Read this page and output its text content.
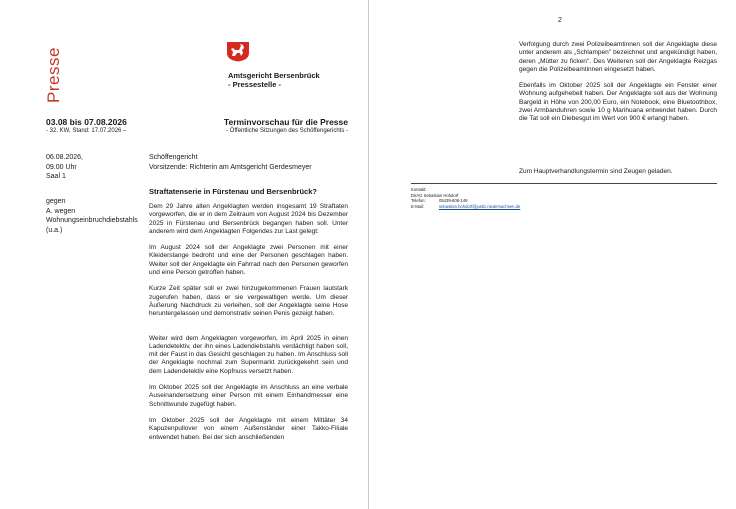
Presse	Amtsgericht Bersenbrück
- Pressestelle -
03.08 bis 07.08.2026
- 32. KW, Stand: 17.07.2026 –
Terminvorschau für die Presse
- Öffentliche Sitzungen des Schöffengerichts -
06.08.2026,
09.00 Uhr
Saal 1
gegen
A. wegen
Wohnungseinbruchdiebstahls
(u.a.)
Schöffengericht
Vorsitzende: Richterin am Amtsgericht Gerdesmeyer
Straftatenserie in Fürstenau und Bersenbrück?

Dem 29 Jahre alten Angeklagten werden insgesamt 19 Straftaten vorgeworfen, die er in dem Zeitraum von August 2024 bis Dezember 2025 in Fürstenau und Bersenbrück begangen haben soll. Unter anderem wird dem Angeklagten Folgendes zur Last gelegt:

Im August 2024 soll der Angeklagte zwei Personen mit einer Kleiderstange bedroht und eine der Personen geschlagen haben. Weiter soll der Angeklagte ein Fahrrad nach den Personen geworfen und eine Person getroffen haben.

Kurze Zeit später soll er zwei hinzugekommenen Frauen lautstark zugerufen haben, dass er sie vergewaltigen werde. Um dieser Äußerung Nachdruck zu verleihen, soll der Angeklagte seine Hose heruntergelassen und demonstrativ seinen Penis gezeigt haben.

Weiter wird dem Angeklagten vorgeworfen, im April 2025 in einen Ladendetektiv, der ihn eines Ladendiebstahls verdächtigt haben soll, mit der Faust in das Gesicht geschlagen zu haben. Im Anschluss soll der Angeklagte nochmal zum Supermarkt zurückgekehrt sein und dem Ladendetektiv eine Kopfnuss versetzt haben.

Im Oktober 2025 soll der Angeklagte im Anschluss an eine verbale Auseinandersetzung einer Person mit einem Einhandmesser eine Schnittwunde zugefügt haben.

Im Oktober 2025 soll der Angeklagte mit einem Mittäter 34 Kapuzenpullover von einem Außenständer einer Takko-Filiale entwendet haben. Bei der sich anschließenden

2

Verfolgung durch zwei Polizeibeamtinnen soll der Angeklagte diese unter anderem als „Schlampen" bezeichnet und angekündigt haben, deren „Mütter zu ficken". Des Weiteren soll der Angeklagte Reizgas gegen die Polizeibeamtinnen eingesetzt haben.

Ebenfalls im Oktober 2025 soll der Angeklagte ein Fenster einer Wohnung aufgehebelt haben. Der Angeklagte soll aus der Wohnung Bargeld in Höhe von 200,00 Euro, ein Notebook, eine Bluetoothbox, zwei Armbanduhren sowie 10 g Marihuana entwendet haben. Durch die Tat soll ein Diebesgut im Wert von 900 € erlangt haben.

Zum Hauptverhandlungstermin sind Zeugen geladen.
Kontakt:
DirAG Sebastian Hohdorf
Telefon:	05439-608-149
E-Mail:	sebastian.hohdorf@justiz.niedersachsen.de
